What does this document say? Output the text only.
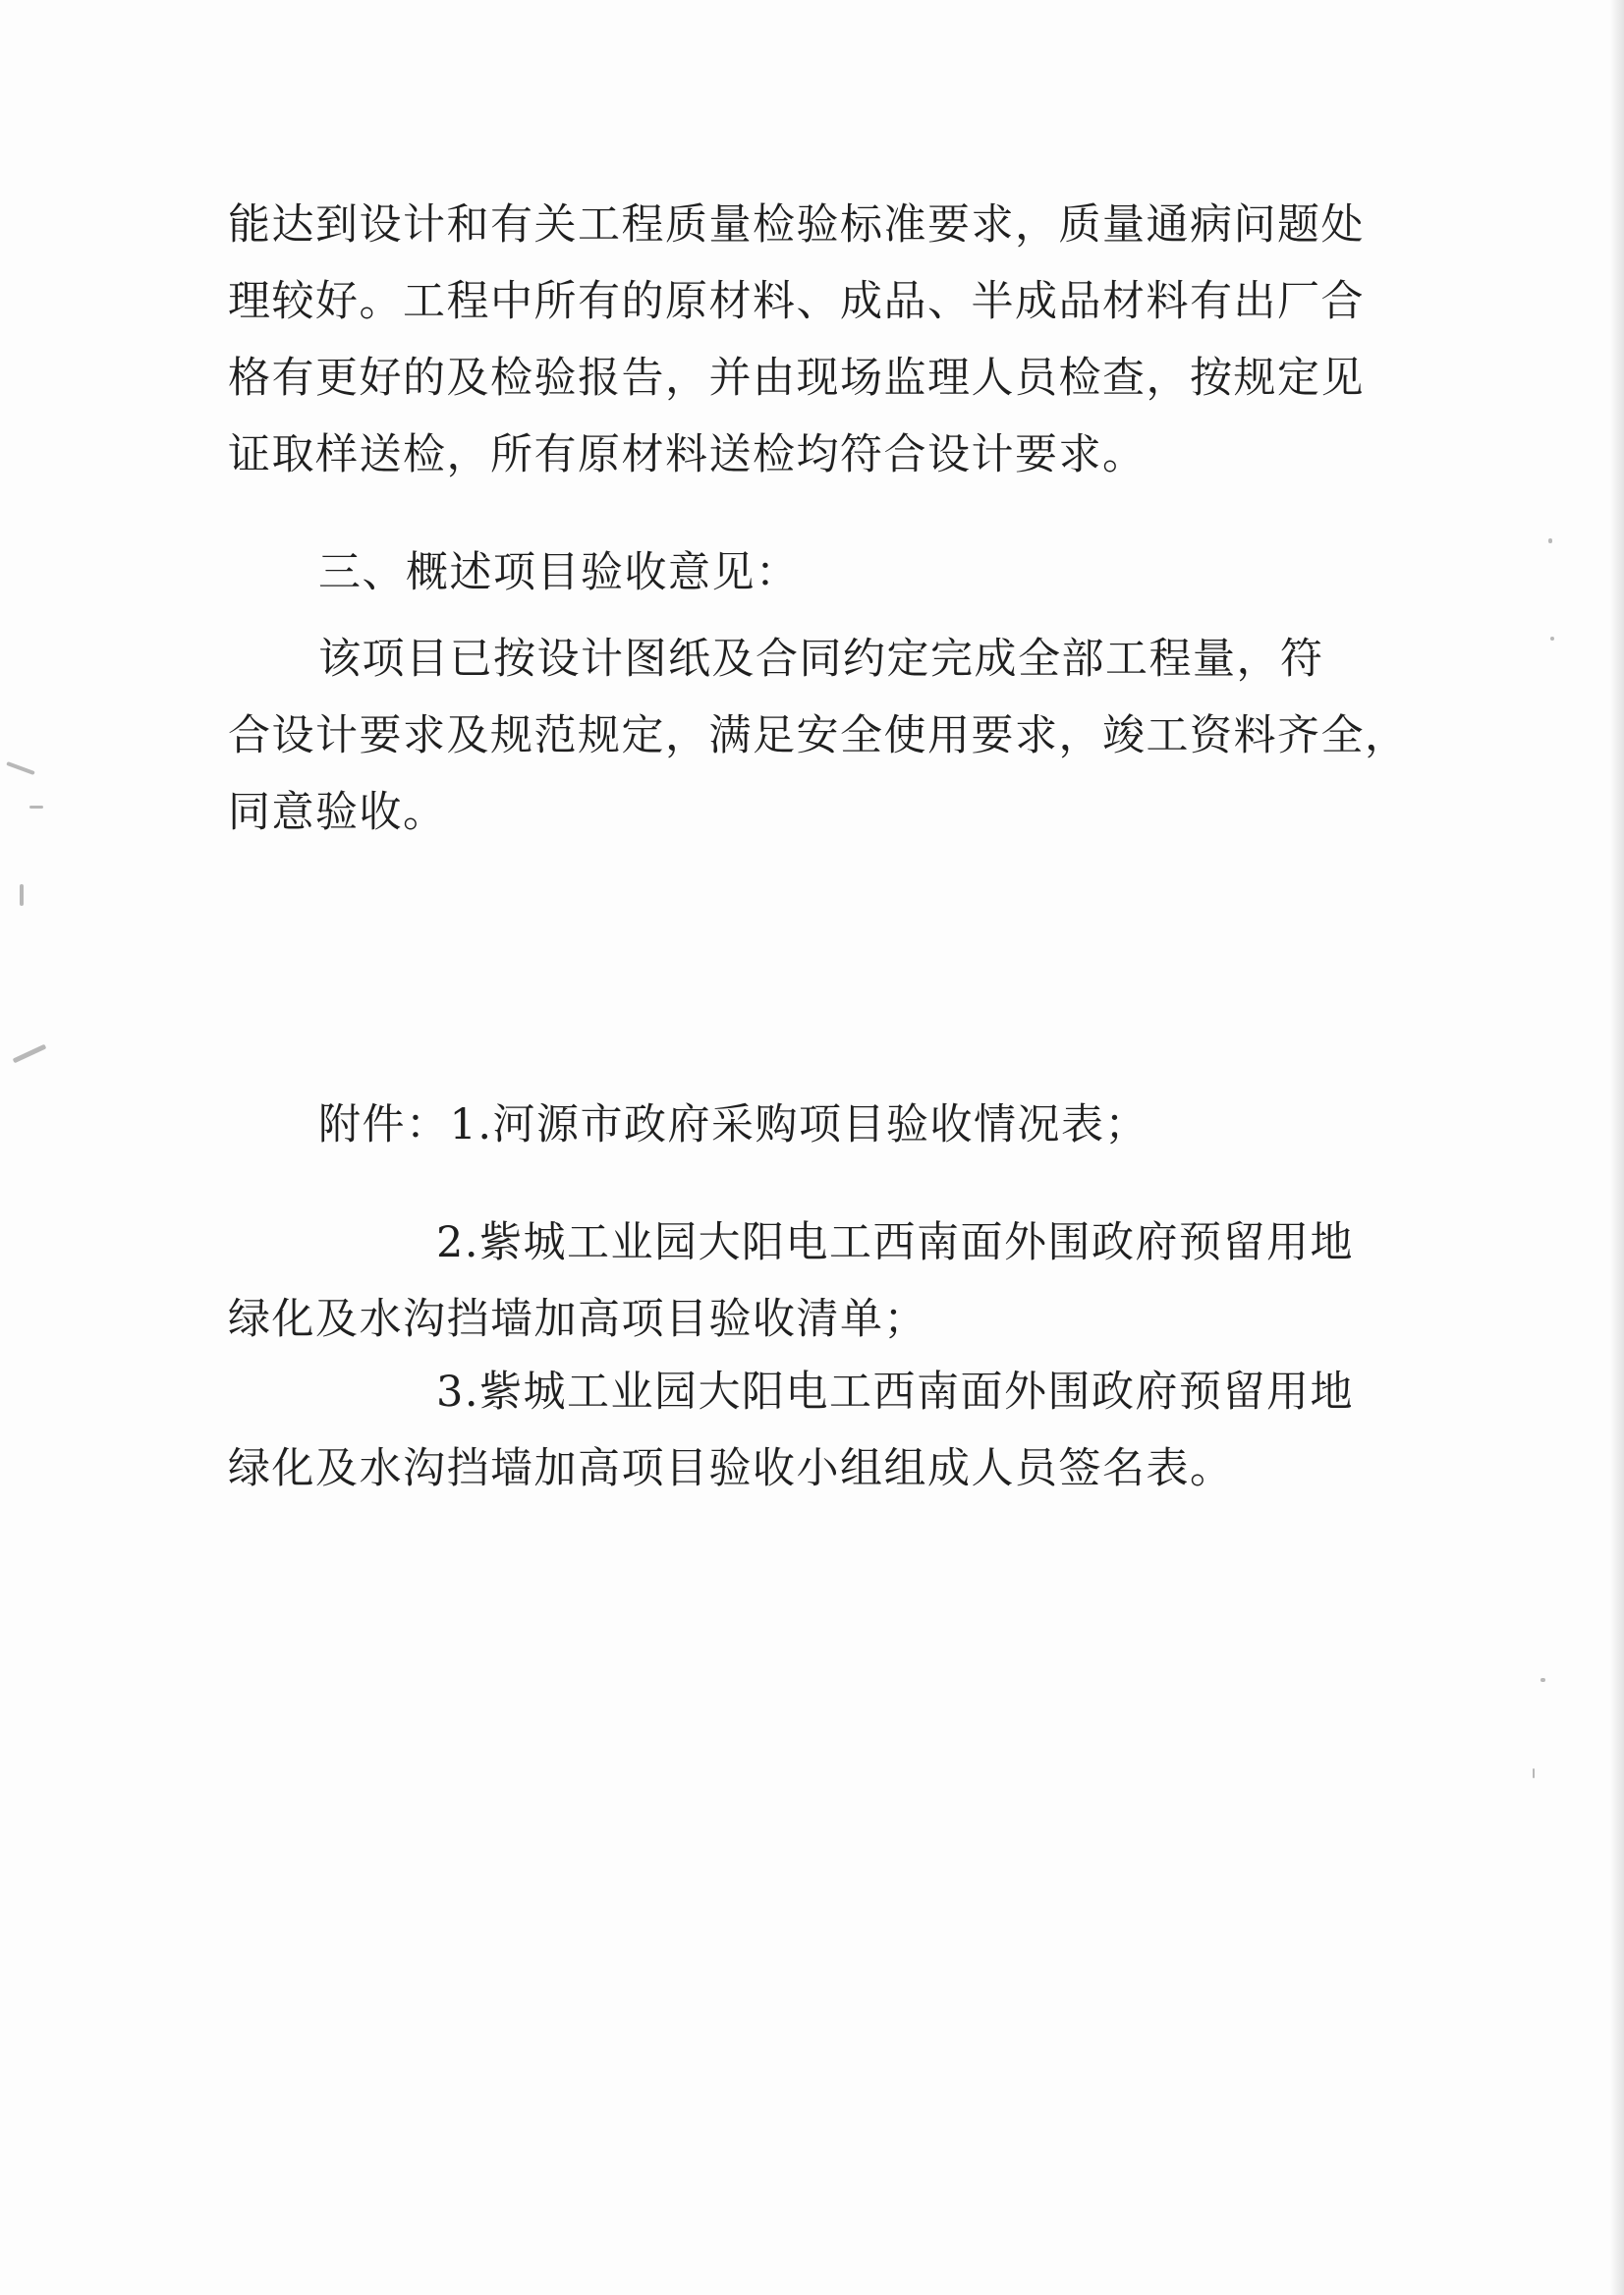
能达到设计和有关工程质量检验标准要求，质量通病问题处
理较好。工程中所有的原材料、成品、半成品材料有出厂合
格有更好的及检验报告，并由现场监理人员检查，按规定见
证取样送检，所有原材料送检均符合设计要求。
三、概述项目验收意见：
该项目已按设计图纸及合同约定完成全部工程量，符
合设计要求及规范规定，满足安全使用要求，竣工资料齐全，
同意验收。
附件：1.河源市政府采购项目验收情况表；
2.紫城工业园大阳电工西南面外围政府预留用地
绿化及水沟挡墙加高项目验收清单；
3.紫城工业园大阳电工西南面外围政府预留用地
绿化及水沟挡墙加高项目验收小组组成人员签名表。
